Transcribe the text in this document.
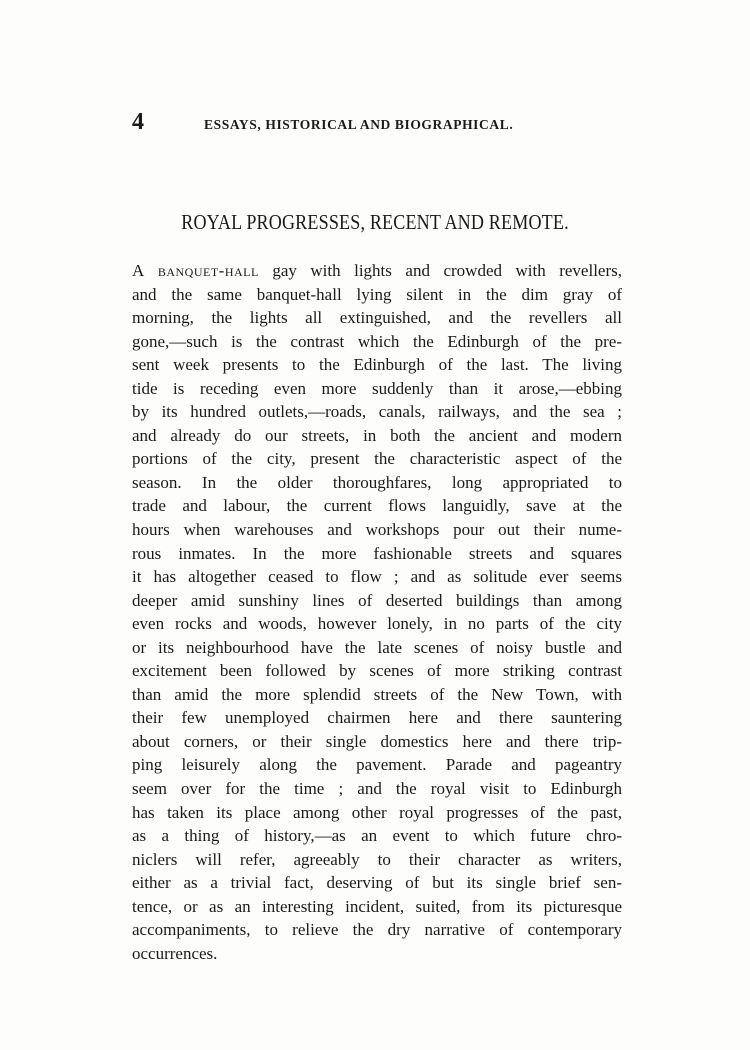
4	ESSAYS, HISTORICAL AND BIOGRAPHICAL.
ROYAL PROGRESSES, RECENT AND REMOTE.
A banquet-hall gay with lights and crowded with revellers,
and the same banquet-hall lying silent in the dim gray of
morning, the lights all extinguished, and the revellers all
gone,—such is the contrast which the Edinburgh of the pre-
sent week presents to the Edinburgh of the last. The living
tide is receding even more suddenly than it arose,—ebbing
by its hundred outlets,—roads, canals, railways, and the sea ;
and already do our streets, in both the ancient and modern
portions of the city, present the characteristic aspect of the
season. In the older thoroughfares, long appropriated to
trade and labour, the current flows languidly, save at the
hours when warehouses and workshops pour out their nume-
rous inmates. In the more fashionable streets and squares
it has altogether ceased to flow ; and as solitude ever seems
deeper amid sunshiny lines of deserted buildings than among
even rocks and woods, however lonely, in no parts of the city
or its neighbourhood have the late scenes of noisy bustle and
excitement been followed by scenes of more striking contrast
than amid the more splendid streets of the New Town, with
their few unemployed chairmen here and there sauntering
about corners, or their single domestics here and there trip-
ping leisurely along the pavement. Parade and pageantry
seem over for the time ; and the royal visit to Edinburgh
has taken its place among other royal progresses of the past,
as a thing of history,—as an event to which future chro-
niclers will refer, agreeably to their character as writers,
either as a trivial fact, deserving of but its single brief sen-
tence, or as an interesting incident, suited, from its picturesque
accompaniments, to relieve the dry narrative of contemporary
occurrences.
